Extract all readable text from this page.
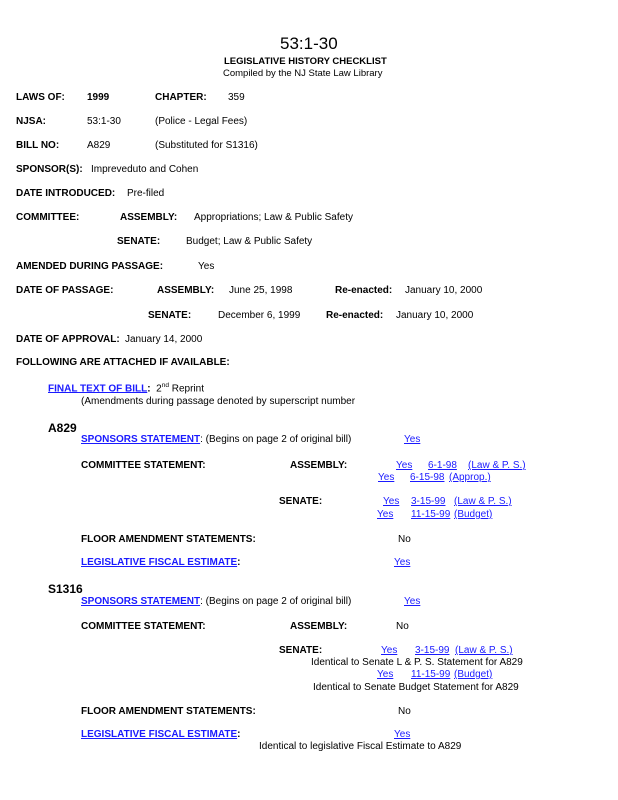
53:1-30
LEGISLATIVE HISTORY CHECKLIST
Compiled by the NJ State Law Library
LAWS OF: 1999	CHAPTER: 359
NJSA:	53:1-30	(Police - Legal Fees)
BILL NO:	A829	(Substituted for S1316)
SPONSOR(S): Impreveduto and Cohen
DATE INTRODUCED: Pre-filed
COMMITTEE:	ASSEMBLY: Appropriations; Law & Public Safety
SENATE:	Budget; Law & Public Safety
AMENDED DURING PASSAGE:	Yes
DATE OF PASSAGE:	ASSEMBLY: June 25, 1998	Re-enacted: January 10, 2000
SENATE:	December 6, 1999	Re-enacted: January 10, 2000
DATE OF APPROVAL: January 14, 2000
FOLLOWING ARE ATTACHED IF AVAILABLE:
FINAL TEXT OF BILL: 2nd Reprint
(Amendments during passage denoted by superscript number
A829
SPONSORS STATEMENT: (Begins on page 2 of original bill)	Yes
COMMITTEE STATEMENT:	ASSEMBLY:	Yes 6-1-98 (Law & P. S.)
Yes 6-15-98 (Approp.)
SENATE:	Yes 3-15-99 (Law & P. S.)
Yes 11-15-99 (Budget)
FLOOR AMENDMENT STATEMENTS:	No
LEGISLATIVE FISCAL ESTIMATE:	Yes
S1316
SPONSORS STATEMENT: (Begins on page 2 of original bill)	Yes
COMMITTEE STATEMENT:	ASSEMBLY:	No
SENATE:	Yes 3-15-99 (Law & P. S.)
Identical to Senate L & P. S. Statement for A829
Yes 11-15-99 (Budget)
Identical to Senate Budget Statement for A829
FLOOR AMENDMENT STATEMENTS:	No
LEGISLATIVE FISCAL ESTIMATE:	Yes
Identical to legislative Fiscal Estimate to A829
